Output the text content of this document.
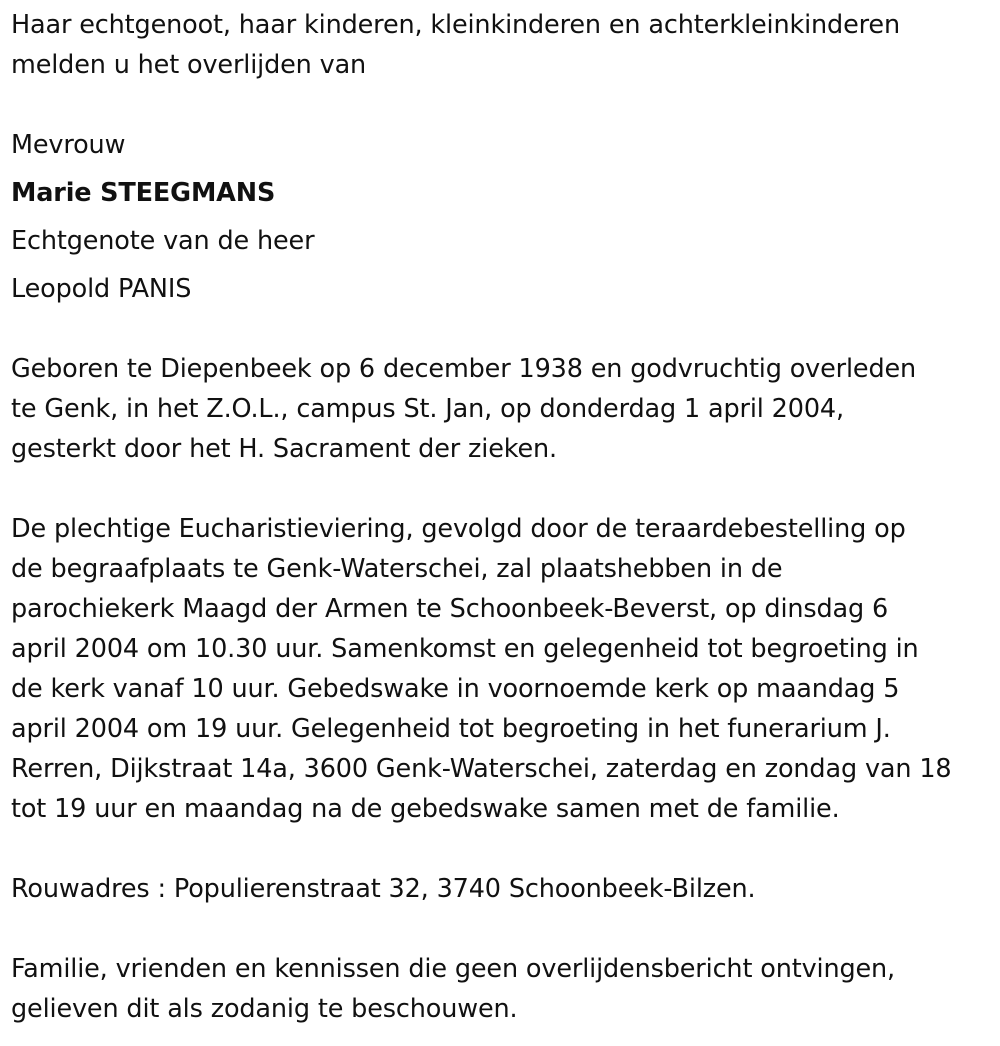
Haar echtgenoot, haar kinderen, kleinkinderen en achterkleinkinderen
melden u het overlijden van
Mevrouw
Marie STEEGMANS
Echtgenote van de heer
Leopold PANIS
Geboren te Diepenbeek op 6 december 1938 en godvruchtig overleden
te Genk, in het Z.O.L., campus St. Jan, op donderdag 1 april 2004,
gesterkt door het H. Sacrament der zieken.
De plechtige Eucharistieviering, gevolgd door de teraardebestelling op
de begraafplaats te Genk-Waterschei, zal plaatshebben in de
parochiekerk Maagd der Armen te Schoonbeek-Beverst, op dinsdag 6
april 2004 om 10.30 uur. Samenkomst en gelegenheid tot begroeting in
de kerk vanaf 10 uur. Gebedswake in voornoemde kerk op maandag 5
april 2004 om 19 uur. Gelegenheid tot begroeting in het funerarium J.
Rerren, Dijkstraat 14a, 3600 Genk-Waterschei, zaterdag en zondag van 18
tot 19 uur en maandag na de gebedswake samen met de familie.
Rouwadres : Populierenstraat 32, 3740 Schoonbeek-Bilzen.
Familie, vrienden en kennissen die geen overlijdensbericht ontvingen,
gelieven dit als zodanig te beschouwen.
